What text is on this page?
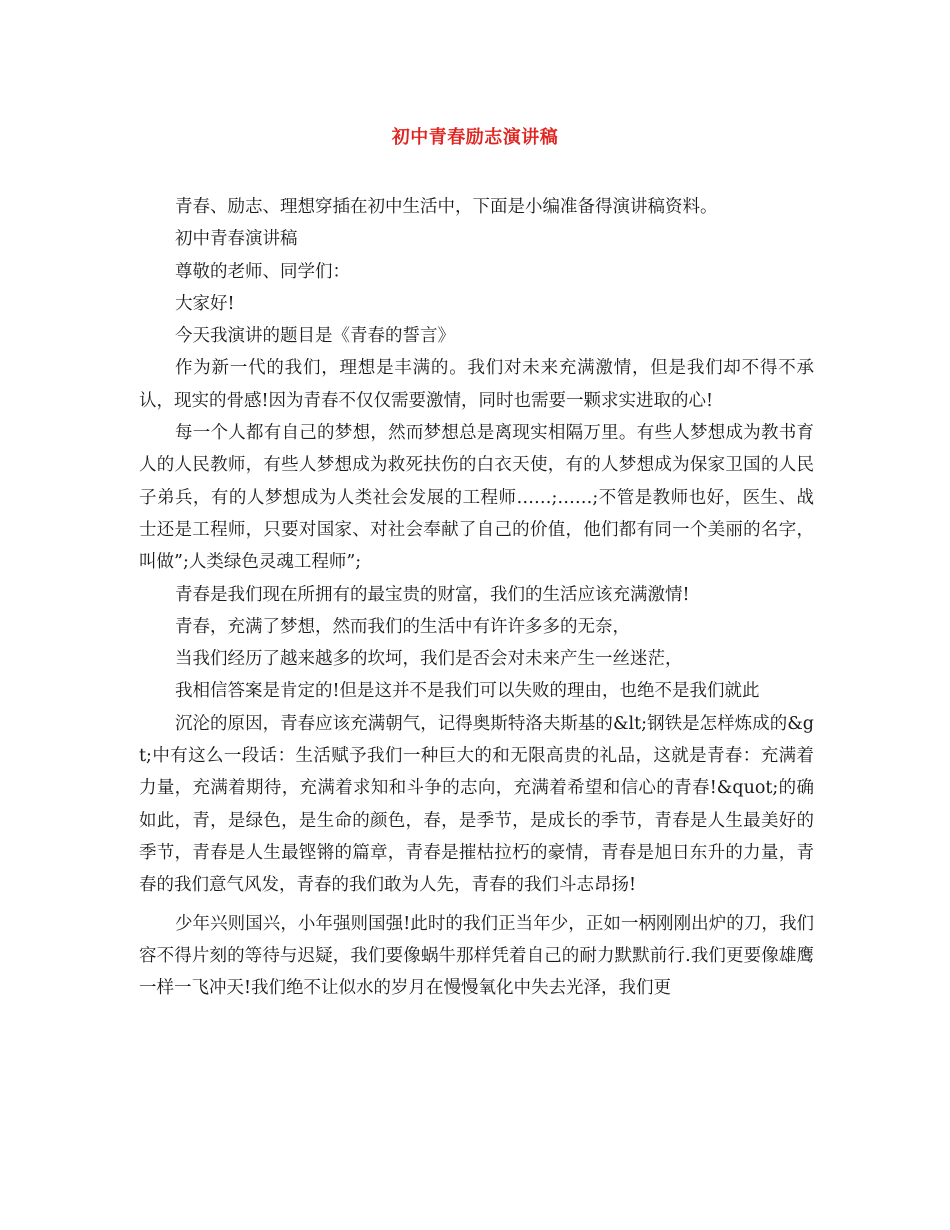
初中青春励志演讲稿

青春、励志、理想穿插在初中生活中，下面是小编准备得演讲稿资料。

初中青春演讲稿

尊敬的老师、同学们：

大家好!

今天我演讲的题目是《青春的誓言》

作为新一代的我们，理想是丰满的。我们对未来充满激情，但是我们却不得不承认，现实的骨感!因为青春不仅仅需要激情，同时也需要一颗求实进取的心!

每一个人都有自己的梦想，然而梦想总是离现实相隔万里。有些人梦想成为教书育人的人民教师，有些人梦想成为救死扶伤的白衣天使，有的人梦想成为保家卫国的人民子弟兵，有的人梦想成为人类社会发展的工程师……;……;不管是教师也好，医生、战士还是工程师，只要对国家、对社会奉献了自己的价值，他们都有同一个美丽的名字，叫做”;人类绿色灵魂工程师”;

青春是我们现在所拥有的最宝贵的财富，我们的生活应该充满激情!

青春，充满了梦想，然而我们的生活中有许许多多的无奈，

当我们经历了越来越多的坎坷，我们是否会对未来产生一丝迷茫，

我相信答案是肯定的!但是这并不是我们可以失败的理由，也绝不是我们就此

沉沦的原因，青春应该充满朝气，记得奥斯特洛夫斯基的&lt;钢铁是怎样炼成的&gt;中有这么一段话：生活赋予我们一种巨大的和无限高贵的礼品，这就是青春：充满着力量，充满着期待，充满着求知和斗争的志向，充满着希望和信心的青春!&quot;的确如此，青，是绿色，是生命的颜色，春，是季节，是成长的季节，青春是人生最美好的季节，青春是人生最铿锵的篇章，青春是摧枯拉朽的豪情，青春是旭日东升的力量，青春的我们意气风发，青春的我们敢为人先，青春的我们斗志昂扬!

少年兴则国兴，小年强则国强!此时的我们正当年少，正如一柄刚刚出炉的刀，我们容不得片刻的等待与迟疑，我们要像蜗牛那样凭着自己的耐力默默前行.我们更要像雄鹰一样一飞冲天!我们绝不让似水的岁月在慢慢氧化中失去光泽，我们更
